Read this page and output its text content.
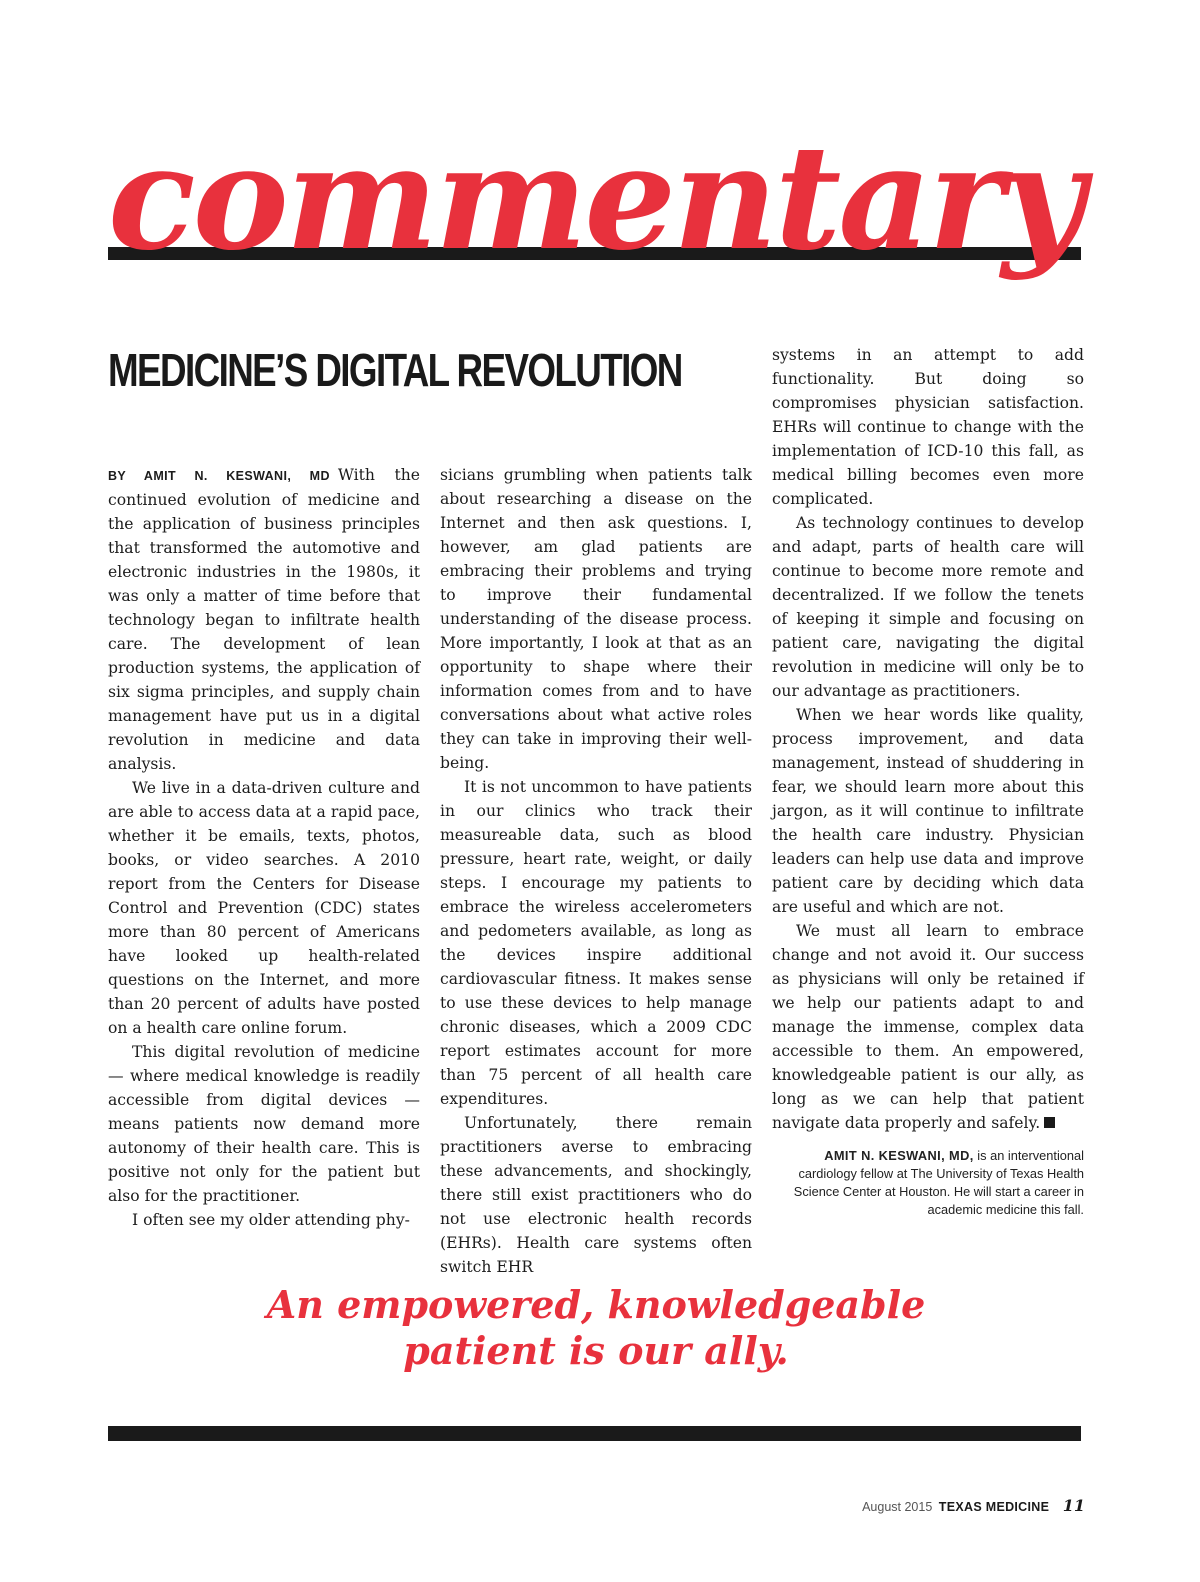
commentary
MEDICINE’S DIGITAL REVOLUTION

BY AMIT N. KESWANI, MD With the continued evolution of medicine and the application of business principles that transformed the automotive and electronic industries in the 1980s, it was only a matter of time before that technology began to infiltrate health care. The development of lean production systems, the application of six sigma principles, and supply chain management have put us in a digital revolution in medicine and data analysis.

We live in a data-driven culture and are able to access data at a rapid pace, whether it be emails, texts, photos, books, or video searches. A 2010 report from the Centers for Disease Control and Prevention (CDC) states more than 80 percent of Americans have looked up health-related questions on the Internet, and more than 20 percent of adults have posted on a health care online forum.

This digital revolution of medicine — where medical knowledge is readily accessible from digital devices — means patients now demand more autonomy of their health care. This is positive not only for the patient but also for the practitioner.

I often see my older attending phy-

sicians grumbling when patients talk about researching a disease on the Internet and then ask questions. I, however, am glad patients are embracing their problems and trying to improve their fundamental understanding of the disease process. More importantly, I look at that as an opportunity to shape where their information comes from and to have conversations about what active roles they can take in improving their well-being.

It is not uncommon to have patients in our clinics who track their measureable data, such as blood pressure, heart rate, weight, or daily steps. I encourage my patients to embrace the wireless accelerometers and pedometers available, as long as the devices inspire additional cardiovascular fitness. It makes sense to use these devices to help manage chronic diseases, which a 2009 CDC report estimates account for more than 75 percent of all health care expenditures.

Unfortunately, there remain practitioners averse to embracing these advancements, and shockingly, there still exist practitioners who do not use electronic health records (EHRs). Health care systems often switch EHR

systems in an attempt to add functionality. But doing so compromises physician satisfaction. EHRs will continue to change with the implementation of ICD-10 this fall, as medical billing becomes even more complicated.

As technology continues to develop and adapt, parts of health care will continue to become more remote and decentralized. If we follow the tenets of keeping it simple and focusing on patient care, navigating the digital revolution in medicine will only be to our advantage as practitioners.

When we hear words like quality, process improvement, and data management, instead of shuddering in fear, we should learn more about this jargon, as it will continue to infiltrate the health care industry. Physician leaders can help use data and improve patient care by deciding which data are useful and which are not.

We must all learn to embrace change and not avoid it. Our success as physicians will only be retained if we help our patients adapt to and manage the immense, complex data accessible to them. An empowered, knowledgeable patient is our ally, as long as we can help that patient navigate data properly and safely.

AMIT N. KESWANI, MD, is an interventional cardiology fellow at The University of Texas Health Science Center at Houston. He will start a career in academic medicine this fall.
An empowered, knowledgeable
patient is our ally.
August 2015 TEXAS MEDICINE 11
